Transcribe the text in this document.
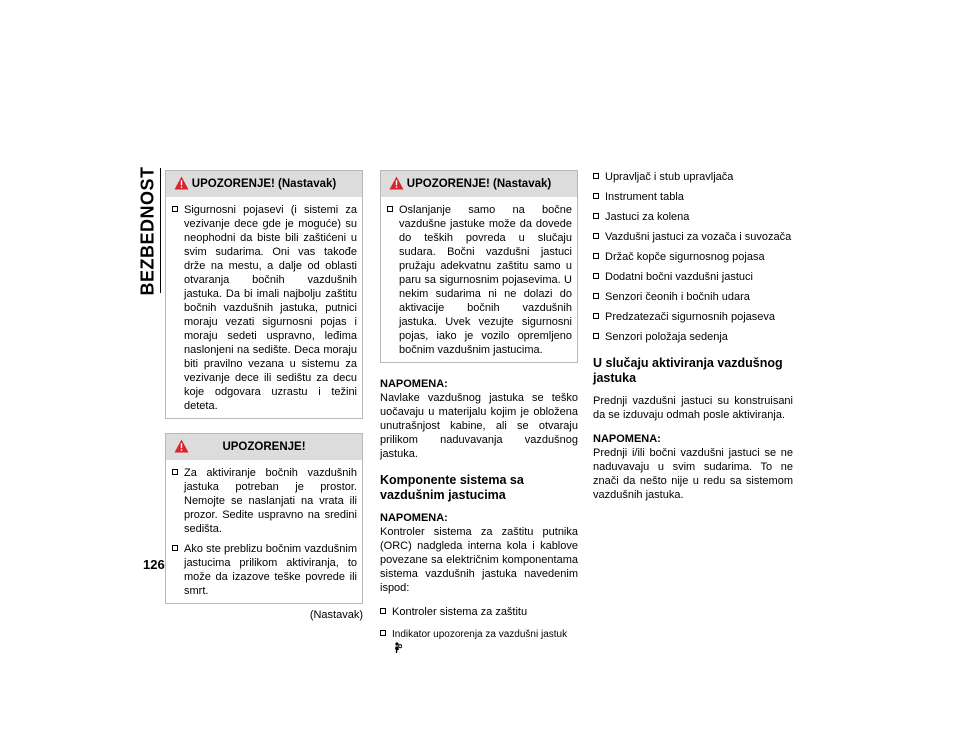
BEZBEDNOST
126
UPOZORENJE! (Nastavak)
Sigurnosni pojasevi (i sistemi za vezivanje dece gde je moguće) su neophodni da biste bili zaštićeni u svim sudarima. Oni vas takođe drže na mestu, a dalje od oblasti otvaranja bočnih vazdušnih jastuka. Da bi imali najbolju zaštitu bočnih vazdušnih jastuka, putnici moraju vezati sigurnosni pojas i moraju sedeti uspravno, leđima naslonjeni na sedište. Deca moraju biti pravilno vezana u sistemu za vezivanje dece ili sedištu za decu koje odgovara uzrastu i težini deteta.
UPOZORENJE!
Za aktiviranje bočnih vazdušnih jastuka potreban je prostor. Nemojte se naslanjati na vrata ili prozor. Sedite uspravno na sredini sedišta.
Ako ste preblizu bočnim vazdušnim jastucima prilikom aktiviranja, to može da izazove teške povrede ili smrt.
(Nastavak)
UPOZORENJE! (Nastavak)
Oslanjanje samo na bočne vazdušne jastuke može da dovede do teških povreda u slučaju sudara. Bočni vazdušni jastuci pružaju adekvatnu zaštitu samo u paru sa sigurnosnim pojasevima. U nekim sudarima ni ne dolazi do aktivacije bočnih vazdušnih jastuka. Uvek vezujte sigurnosni pojas, iako je vozilo opremljeno bočnim vazdušnim jastucima.
NAPOMENA:
Navlake vazdušnog jastuka se teško uočavaju u materijalu kojim je obložena unutrašnjost kabine, ali se otvaraju prilikom naduvavanja vazdušnog jastuka.
Komponente sistema sa vazdušnim jastucima
NAPOMENA:
Kontroler sistema za zaštitu putnika (ORC) nadgleda interna kola i kablove povezane sa električnim komponentama sistema vazdušnih jastuka navedenim ispod:
Kontroler sistema za zaštitu
Indikator upozorenja za vazdušni jastuk
Upravljač i stub upravljača
Instrument tabla
Jastuci za kolena
Vazdušni jastuci za vozača i suvozača
Držač kopče sigurnosnog pojasa
Dodatni bočni vazdušni jastuci
Senzori čeonih i bočnih udara
Predzatezači sigurnosnih pojaseva
Senzori položaja sedenja
U slučaju aktiviranja vazdušnog jastuka
Prednji vazdušni jastuci su konstruisani da se izduvaju odmah posle aktiviranja.
NAPOMENA:
Prednji i/ili bočni vazdušni jastuci se ne naduvavaju u svim sudarima. To ne znači da nešto nije u redu sa sistemom vazdušnih jastuka.
